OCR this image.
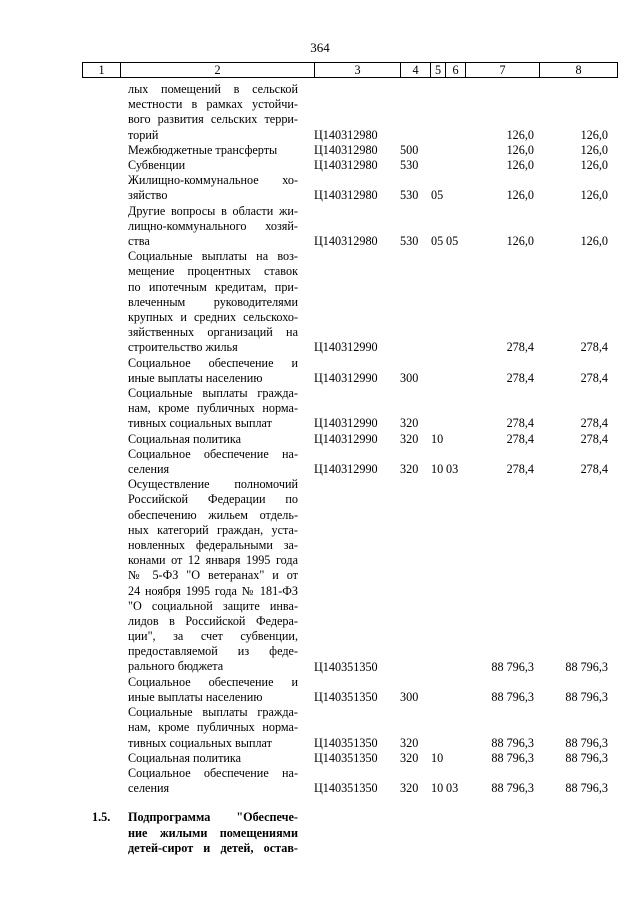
364
1	2	3	4	5 6	7	8
лых помещений в сельской
местности в рамках устойчи-
вого развития сельских терри-
торий	Ц140312980	126,0	126,0
Межбюджетные трансферты	Ц140312980 500	126,0	126,0
Субвенции	Ц140312980 530	126,0	126,0
Жилищно-коммунальное хо-
зяйство	Ц140312980 530 05	126,0	126,0
Другие вопросы в области жи-
лищно-коммунального хозяй-
ства	Ц140312980 530 05 05	126,0	126,0
Социальные выплаты на воз-
мещение процентных ставок
по ипотечным кредитам, при-
влеченным руководителями
крупных и средних сельскохо-
зяйственных организаций на
строительство жилья	Ц140312990	278,4	278,4
Социальное обеспечение и
иные выплаты населению	Ц140312990 300	278,4	278,4
Социальные выплаты гражда-
нам, кроме публичных норма-
тивных социальных выплат	Ц140312990 320	278,4	278,4
Социальная политика	Ц140312990 320 10	278,4	278,4
Социальное обеспечение на-
селения	Ц140312990 320 10 03	278,4	278,4
Осуществление полномочий
Российской Федерации по
обеспечению жильем отдель-
ных категорий граждан, уста-
новленных федеральными за-
конами от 12 января 1995 года
№ 5-ФЗ "О ветеранах" и от
24 ноября 1995 года № 181-ФЗ
"О социальной защите инва-
лидов в Российской Федера-
ции", за счет субвенции,
предоставляемой из феде-
рального бюджета	Ц140351350	88 796,3	88 796,3
Социальное обеспечение и
иные выплаты населению	Ц140351350 300	88 796,3	88 796,3
Социальные выплаты гражда-
нам, кроме публичных норма-
тивных социальных выплат	Ц140351350 320	88 796,3	88 796,3
Социальная политика	Ц140351350 320 10	88 796,3	88 796,3
Социальное обеспечение на-
селения	Ц140351350 320 10 03	88 796,3	88 796,3
1.5. Подпрограмма "Обеспече-
ние жилыми помещениями
детей-сирот и детей, остав-
